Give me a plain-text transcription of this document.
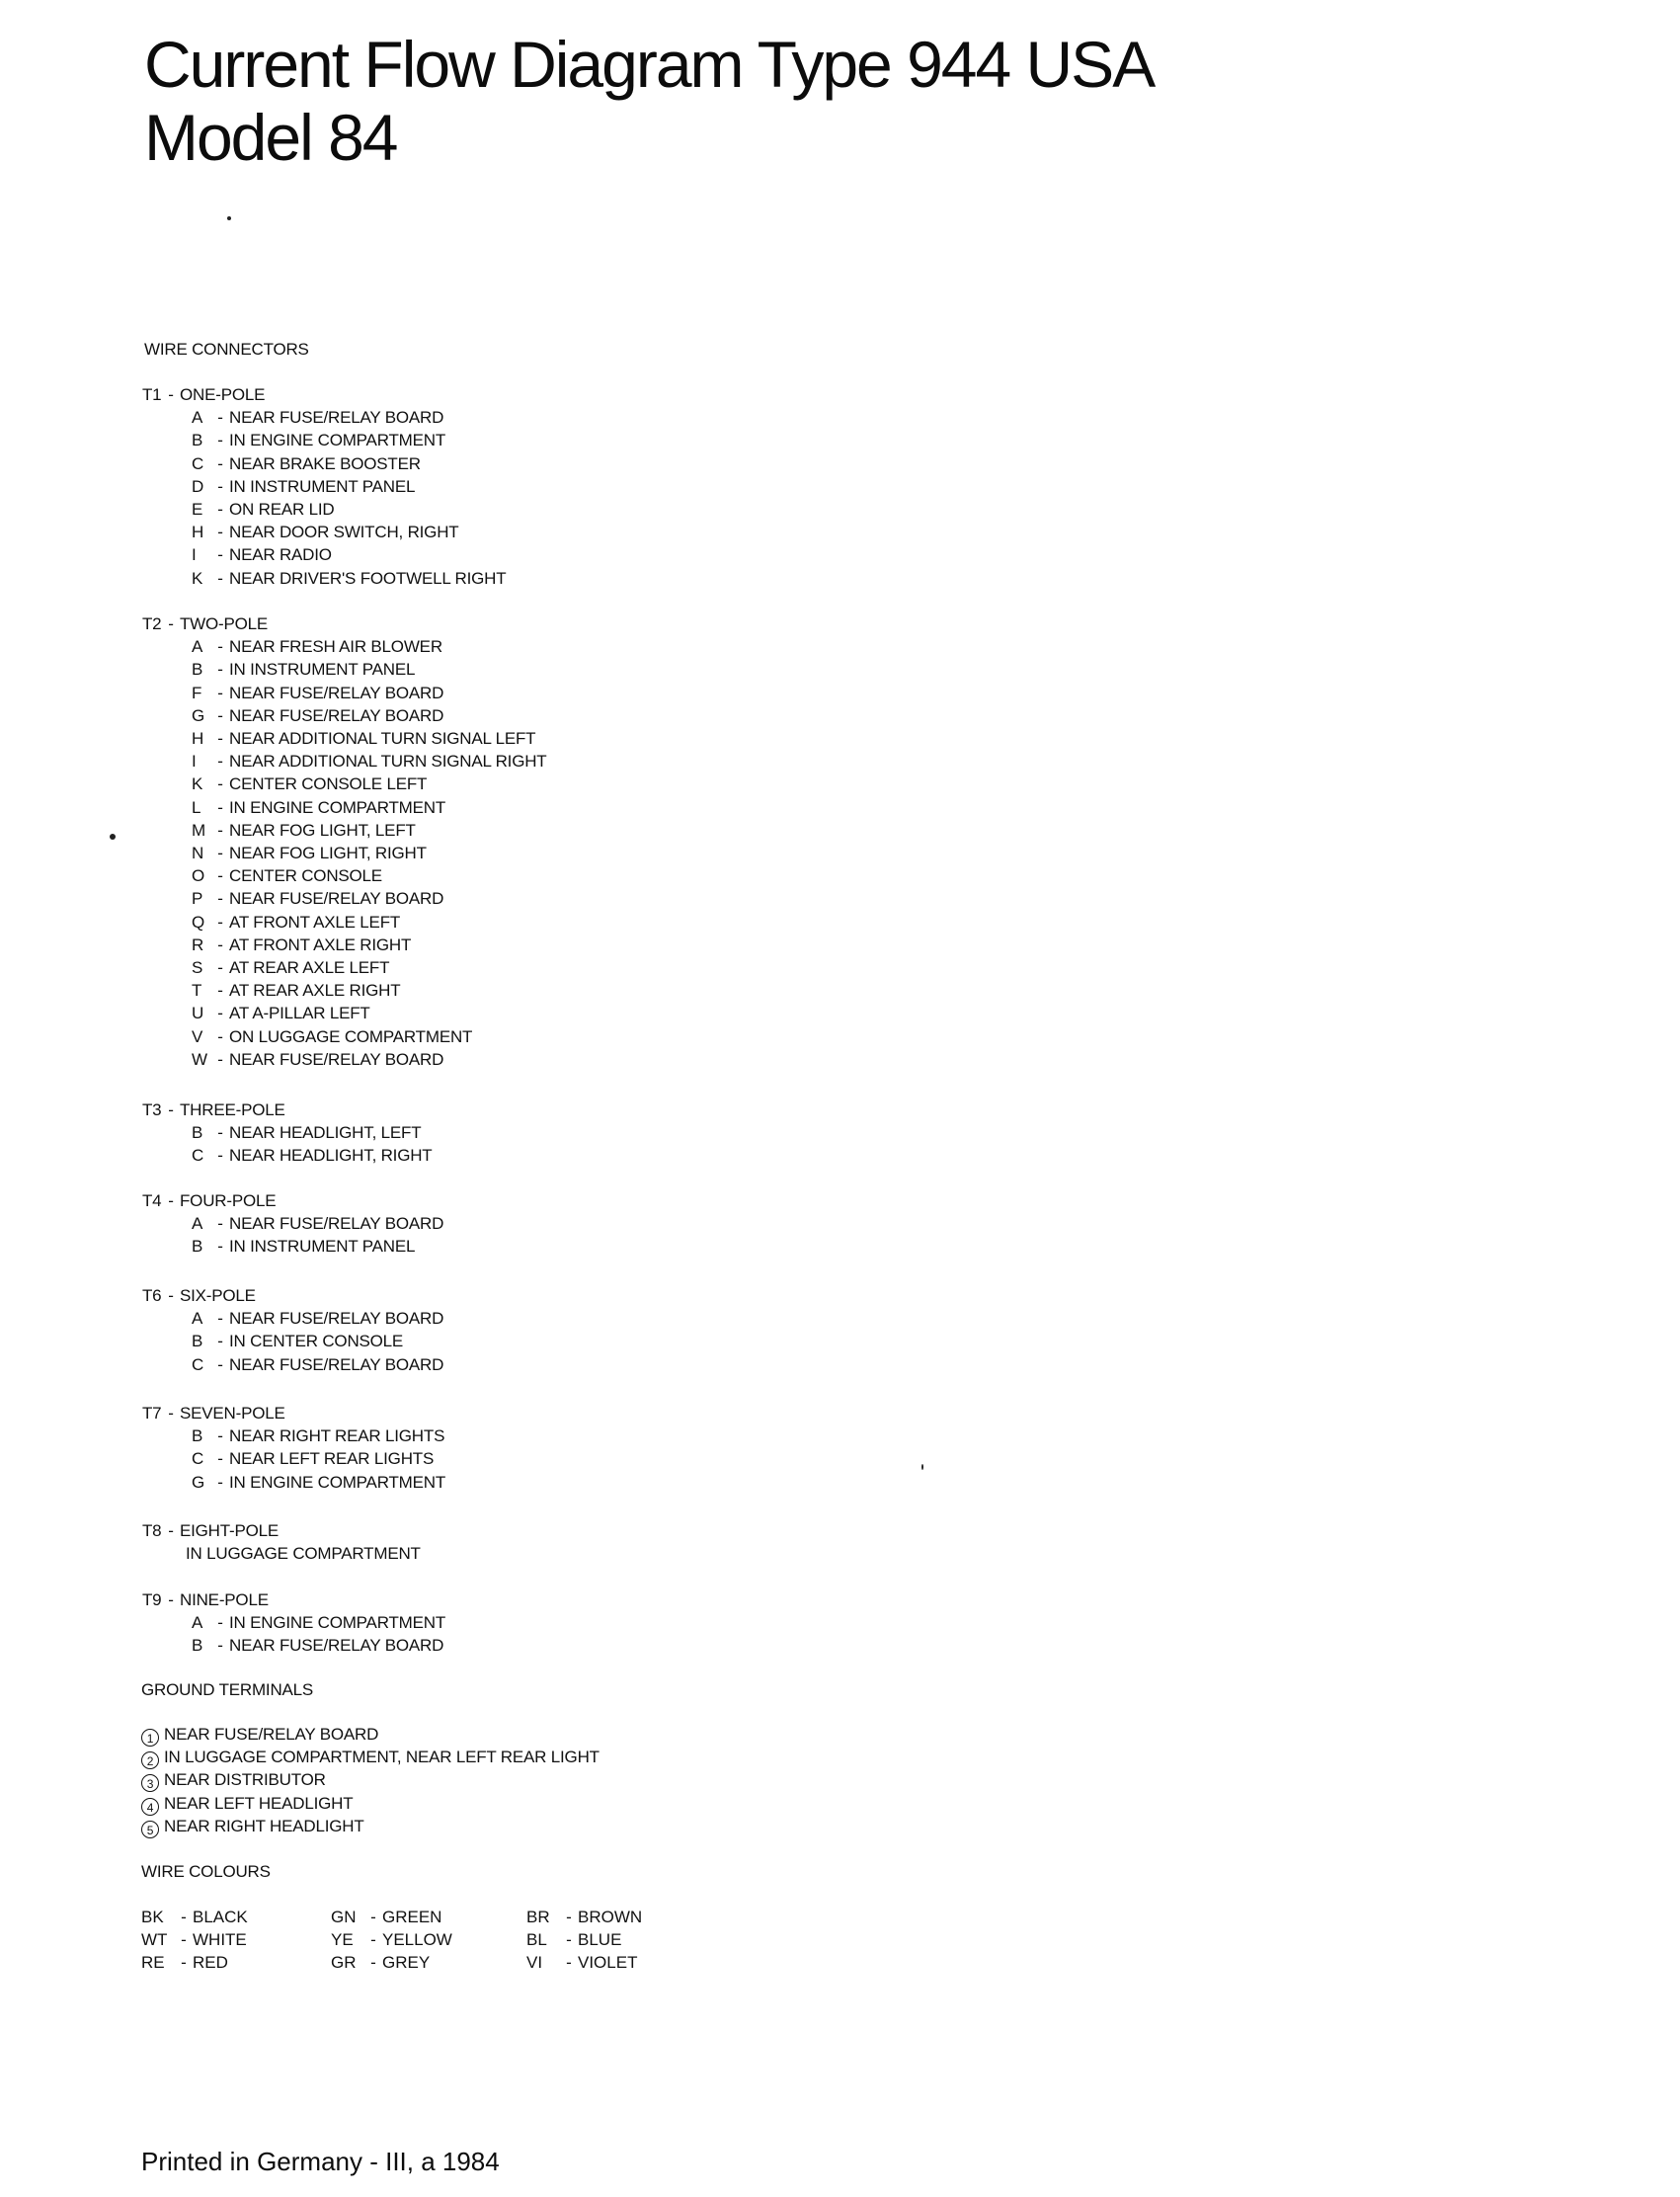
Current Flow Diagram Type 944 USA
Model 84
WIRE CONNECTORS
T1 - ONE-POLE
A - NEAR FUSE/RELAY BOARD
B - IN ENGINE COMPARTMENT
C - NEAR BRAKE BOOSTER
D - IN INSTRUMENT PANEL
E - ON REAR LID
H - NEAR DOOR SWITCH, RIGHT
I - NEAR RADIO
K - NEAR DRIVER'S FOOTWELL RIGHT
T2 - TWO-POLE
A - NEAR FRESH AIR BLOWER
B - IN INSTRUMENT PANEL
F - NEAR FUSE/RELAY BOARD
G - NEAR FUSE/RELAY BOARD
H - NEAR ADDITIONAL TURN SIGNAL LEFT
I - NEAR ADDITIONAL TURN SIGNAL RIGHT
K - CENTER CONSOLE LEFT
L - IN ENGINE COMPARTMENT
M - NEAR FOG LIGHT, LEFT
N - NEAR FOG LIGHT, RIGHT
O - CENTER CONSOLE
P - NEAR FUSE/RELAY BOARD
Q - AT FRONT AXLE LEFT
R - AT FRONT AXLE RIGHT
S - AT REAR AXLE LEFT
T - AT REAR AXLE RIGHT
U - AT A-PILLAR LEFT
V - ON LUGGAGE COMPARTMENT
W - NEAR FUSE/RELAY BOARD
T3 - THREE-POLE
B - NEAR HEADLIGHT, LEFT
C - NEAR HEADLIGHT, RIGHT
T4 - FOUR-POLE
A - NEAR FUSE/RELAY BOARD
B - IN INSTRUMENT PANEL
T6 - SIX-POLE
A - NEAR FUSE/RELAY BOARD
B - IN CENTER CONSOLE
C - NEAR FUSE/RELAY BOARD
T7 - SEVEN-POLE
B - NEAR RIGHT REAR LIGHTS
C - NEAR LEFT REAR LIGHTS
G - IN ENGINE COMPARTMENT
T8 - EIGHT-POLE
IN LUGGAGE COMPARTMENT
T9 - NINE-POLE
A - IN ENGINE COMPARTMENT
B - NEAR FUSE/RELAY BOARD
GROUND TERMINALS
1 NEAR FUSE/RELAY BOARD
2 IN LUGGAGE COMPARTMENT, NEAR LEFT REAR LIGHT
3 NEAR DISTRIBUTOR
4 NEAR LEFT HEADLIGHT
5 NEAR RIGHT HEADLIGHT
WIRE COLOURS
BK - BLACK
WT - WHITE
RE - RED
GN - GREEN
YE - YELLOW
GR - GREY
BR - BROWN
BL - BLUE
VI - VIOLET
Printed in Germany - III, a 1984
